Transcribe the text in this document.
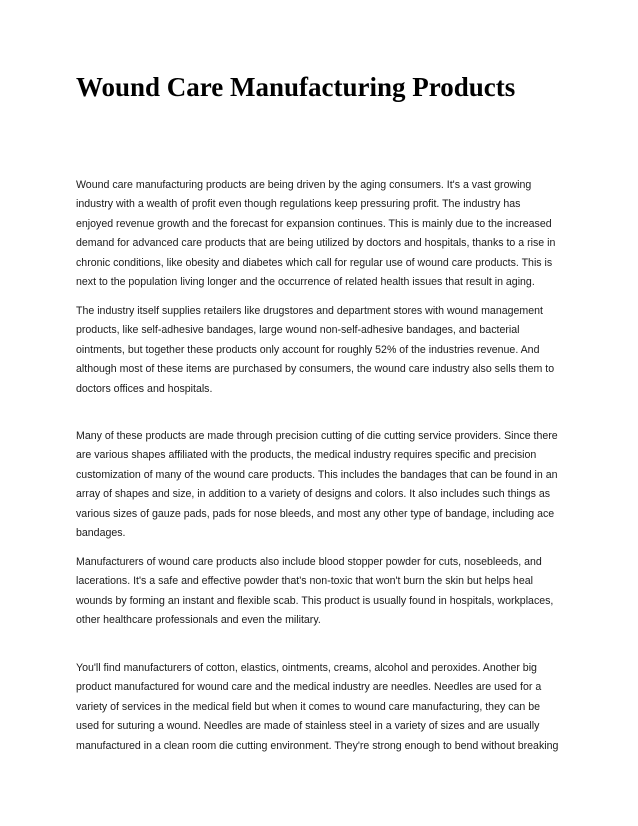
Wound Care Manufacturing Products

Wound care manufacturing products are being driven by the aging consumers. It's a vast growing
industry with a wealth of profit even though regulations keep pressuring profit. The industry has
enjoyed revenue growth and the forecast for expansion continues. This is mainly due to the increased
demand for advanced care products that are being utilized by doctors and hospitals, thanks to a rise in
chronic conditions, like obesity and diabetes which call for regular use of wound care products. This is
next to the population living longer and the occurrence of related health issues that result in aging.

The industry itself supplies retailers like drugstores and department stores with wound management
products, like self-adhesive bandages, large wound non-self-adhesive bandages, and bacterial
ointments, but together these products only account for roughly 52% of the industries revenue. And
although most of these items are purchased by consumers, the wound care industry also sells them to
doctors offices and hospitals.

Many of these products are made through precision cutting of die cutting service providers. Since there
are various shapes affiliated with the products, the medical industry requires specific and precision
customization of many of the wound care products. This includes the bandages that can be found in an
array of shapes and size, in addition to a variety of designs and colors. It also includes such things as
various sizes of gauze pads, pads for nose bleeds, and most any other type of bandage, including ace
bandages.

Manufacturers of wound care products also include blood stopper powder for cuts, nosebleeds, and
lacerations. It's a safe and effective powder that's non-toxic that won't burn the skin but helps heal
wounds by forming an instant and flexible scab. This product is usually found in hospitals, workplaces,
other healthcare professionals and even the military.

You'll find manufacturers of cotton, elastics, ointments, creams, alcohol and peroxides. Another big
product manufactured for wound care and the medical industry are needles. Needles are used for a
variety of services in the medical field but when it comes to wound care manufacturing, they can be
used for suturing a wound. Needles are made of stainless steel in a variety of sizes and are usually
manufactured in a clean room die cutting environment. They're strong enough to bend without breaking
